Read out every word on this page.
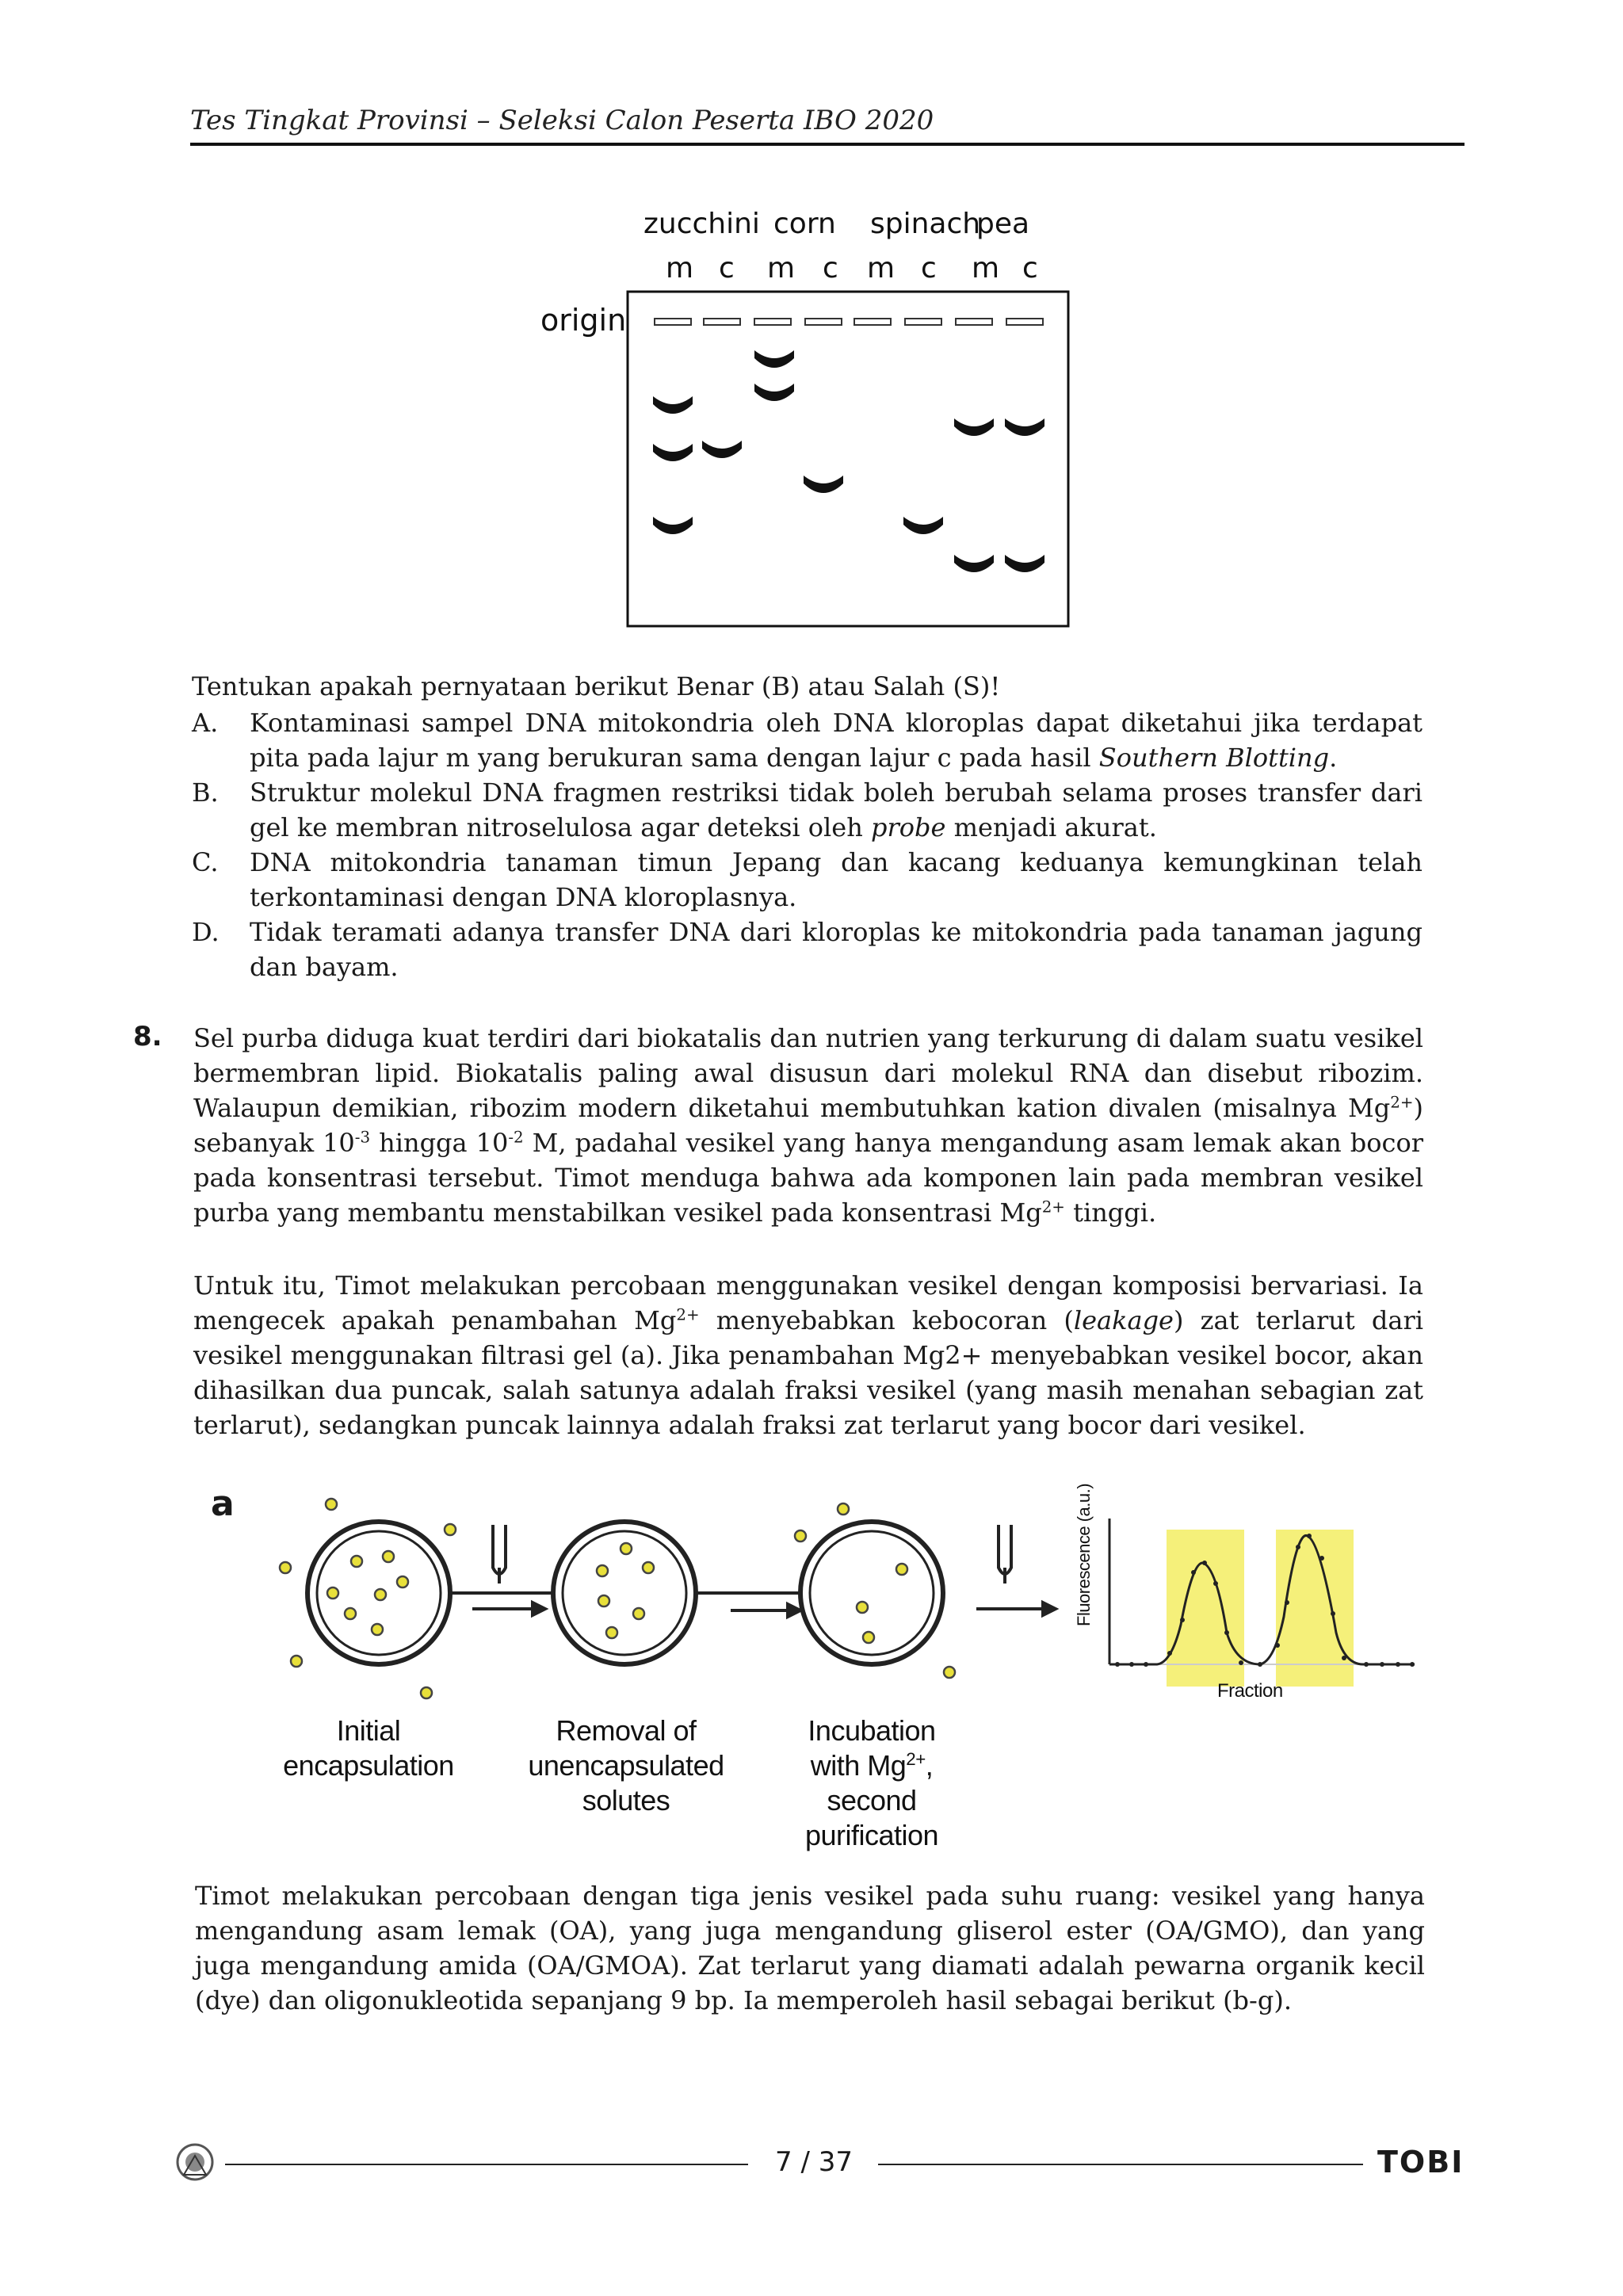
Tes Tingkat Provinsi – Seleksi Calon Peserta IBO 2020
zucchini corn spinach
pea
m c m c m c m c
origin
Tentukan apakah pernyataan berikut Benar (B) atau Salah (S)!
A. Kontaminasi sampel DNA mitokondria oleh DNA kloroplas dapat diketahui jika terdapat pita pada lajur m yang berukuran sama dengan lajur c pada hasil Southern Blotting.
B. Struktur molekul DNA fragmen restriksi tidak boleh berubah selama proses transfer dari gel ke membran nitroselulosa agar deteksi oleh probe menjadi akurat.
C. DNA mitokondria tanaman timun Jepang dan kacang keduanya kemungkinan telah terkontaminasi dengan DNA kloroplasnya.
D. Tidak teramati adanya transfer DNA dari kloroplas ke mitokondria pada tanaman jagung dan bayam.
8. Sel purba diduga kuat terdiri dari biokatalis dan nutrien yang terkurung di dalam suatu vesikel bermembran lipid. Biokatalis paling awal disusun dari molekul RNA dan disebut ribozim. Walaupun demikian, ribozim modern diketahui membutuhkan kation divalen (misalnya $Mg^{2+}$) sebanyak $10^{-3}$ hingga $10^{-2}$ M, padahal vesikel yang hanya mengandung asam lemak akan bocor pada konsentrasi tersebut. Timot menduga bahwa ada komponen lain pada membran vesikel purba yang membantu menstabilkan vesikel pada konsentrasi $Mg^{2+}$ tinggi.
Untuk itu, Timot melakukan percobaan menggunakan vesikel dengan komposisi bervariasi. Ia mengecek apakah penambahan $Mg^{2+}$ menyebabkan kebocoran (leakage) zat terlarut dari vesikel menggunakan filtrasi gel (a). Jika penambahan Mg2+ menyebabkan vesikel bocor, akan dihasilkan dua puncak, salah satunya adalah fraksi vesikel (yang masih menahan sebagian zat terlarut), sedangkan puncak lainnya adalah fraksi zat terlarut yang bocor dari vesikel.
a	Fluorescence (a.u.)
Fraction
Initial
encapsulation
Removal of
unencapsulated
solutes
Incubation
with $Mg^{2+}$,
second
purification
Timot melakukan percobaan dengan tiga jenis vesikel pada suhu ruang: vesikel yang hanya mengandung asam lemak (OA), yang juga mengandung gliserol ester (OA/GMO), dan yang juga mengandung amida (OA/GMOA). Zat terlarut yang diamati adalah pewarna organik kecil (dye) dan oligonukleotida sepanjang 9 bp. Ia memperoleh hasil sebagai berikut (b-g).
7 / 37	TOBI
